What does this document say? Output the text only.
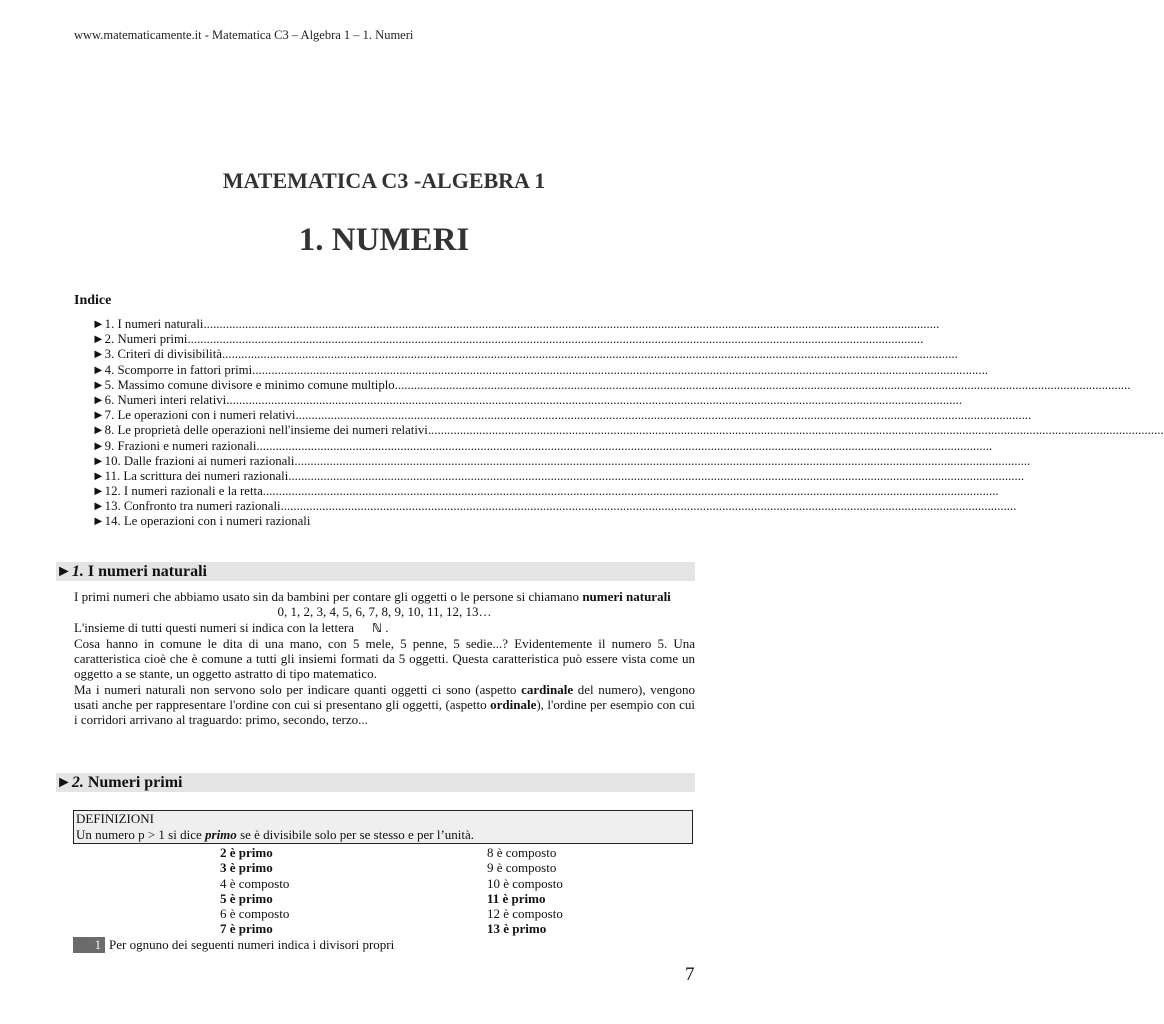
www.matematicamente.it - Matematica C3 – Algebra 1 – 1. Numeri
MATEMATICA C3 -ALGEBRA 1
1. NUMERI
Indice
►1. I numeri naturali ......................................................................................................................................................................................................................................
►2. Numeri primi ......................................................................................................................................................................................................................................
►3. Criteri di divisibilità ......................................................................................................................................................................................................................................
►4. Scomporre in fattori primi ......................................................................................................................................................................................................................................
►5. Massimo comune divisore e minimo comune multiplo ......................................................................................................................................................................................................................................
►6. Numeri interi relativi ......................................................................................................................................................................................................................................
►7. Le operazioni con i numeri relativi ......................................................................................................................................................................................................................................
►8. Le proprietà delle operazioni nell'insieme dei numeri relativi ......................................................................................................................................................................................................................................
►9. Frazioni e numeri razionali ......................................................................................................................................................................................................................................
►10. Dalle frazioni ai numeri razionali ......................................................................................................................................................................................................................................
►11. La scrittura dei numeri razionali ......................................................................................................................................................................................................................................
►12. I numeri razionali e la retta ......................................................................................................................................................................................................................................
►13. Confronto tra numeri razionali ......................................................................................................................................................................................................................................
►14. Le operazioni con i numeri razionali
►1. I numeri naturali

I primi numeri che abbiamo usato sin da bambini per contare gli oggetti o le persone si chiamano numeri naturali

0, 1, 2, 3, 4, 5, 6, 7, 8, 9, 10, 11, 12, 13…

L'insieme di tutti questi numeri si indica con la lettera ℕ .

Cosa hanno in comune le dita di una mano, con 5 mele, 5 penne, 5 sedie...? Evidentemente il numero 5. Una caratteristica cioè che è comune a tutti gli insiemi formati da 5 oggetti. Questa caratteristica può essere vista come un oggetto a se stante, un oggetto astratto di tipo matematico.

Ma i numeri naturali non servono solo per indicare quanti oggetti ci sono (aspetto cardinale del numero), vengono usati anche per rappresentare l'ordine con cui si presentano gli oggetti, (aspetto ordinale), l'ordine per esempio con cui i corridori arrivano al traguardo: primo, secondo, terzo...

►2. Numeri primi
DEFINIZIONI
Un numero p > 1 si dice primo se è divisibile solo per se stesso e per l’unità.
2 è primo
3 è primo
4 è composto
5 è primo
6 è composto
7 è primo
8 è composto
9 è composto
10 è composto
11 è primo
12 è composto
13 è primo
1 Per ognuno dei seguenti numeri indica i divisori propri
7
